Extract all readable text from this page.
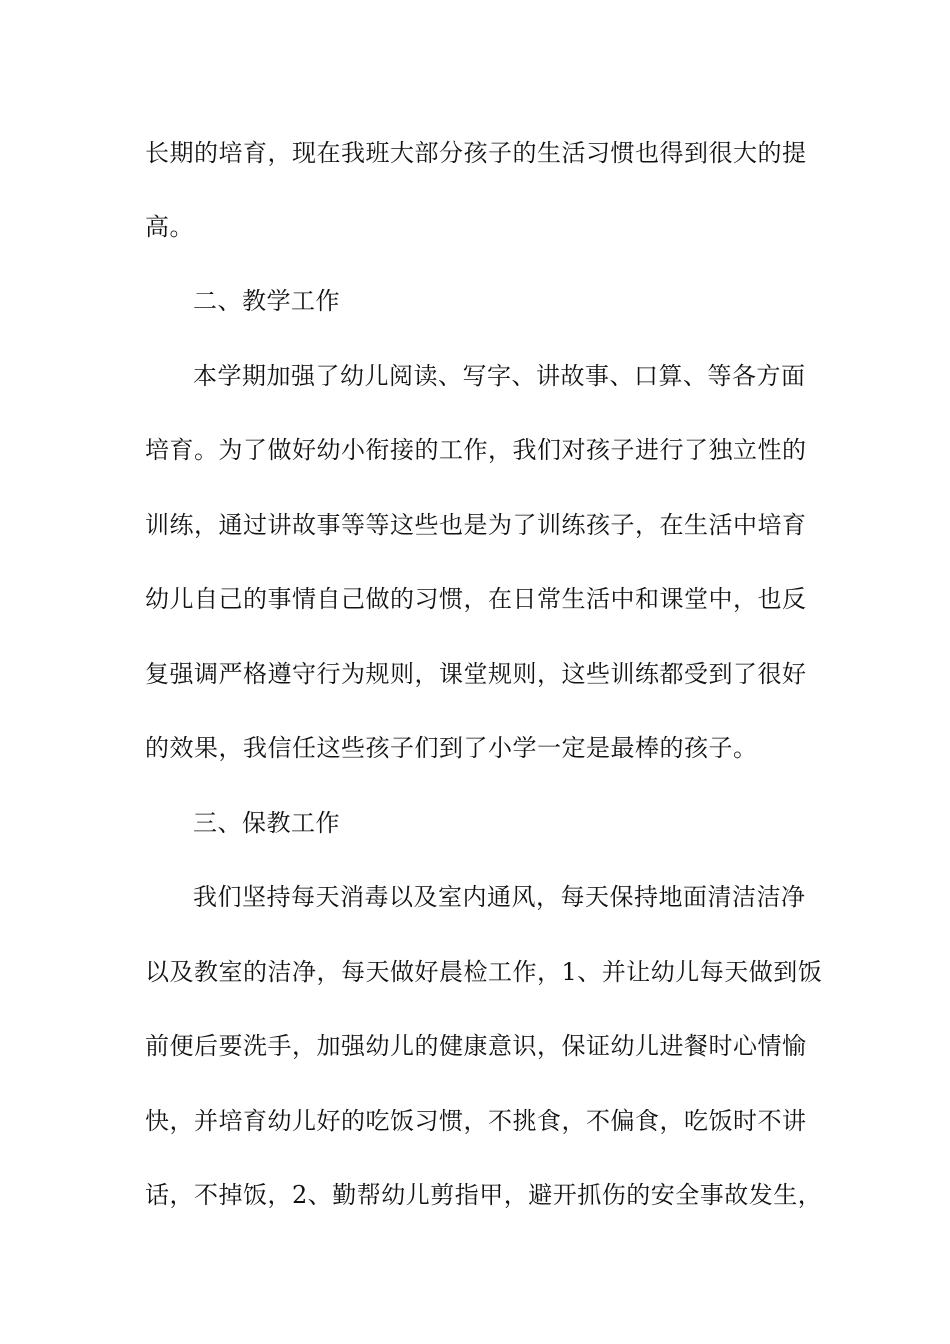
长期的培育，现在我班大部分孩子的生活习惯也得到很大的提
高。
二、教学工作
本学期加强了幼儿阅读、写字、讲故事、口算、等各方面
培育。为了做好幼小衔接的工作，我们对孩子进行了独立性的
训练，通过讲故事等等这些也是为了训练孩子，在生活中培育
幼儿自己的事情自己做的习惯，在日常生活中和课堂中，也反
复强调严格遵守行为规则，课堂规则，这些训练都受到了很好
的效果，我信任这些孩子们到了小学一定是最棒的孩子。
三、保教工作
我们坚持每天消毒以及室内通风，每天保持地面清洁洁净
以及教室的洁净，每天做好晨检工作，1、并让幼儿每天做到饭
前便后要洗手，加强幼儿的健康意识，保证幼儿进餐时心情愉
快，并培育幼儿好的吃饭习惯，不挑食，不偏食，吃饭时不讲
话，不掉饭，2、勤帮幼儿剪指甲，避开抓伤的安全事故发生，
